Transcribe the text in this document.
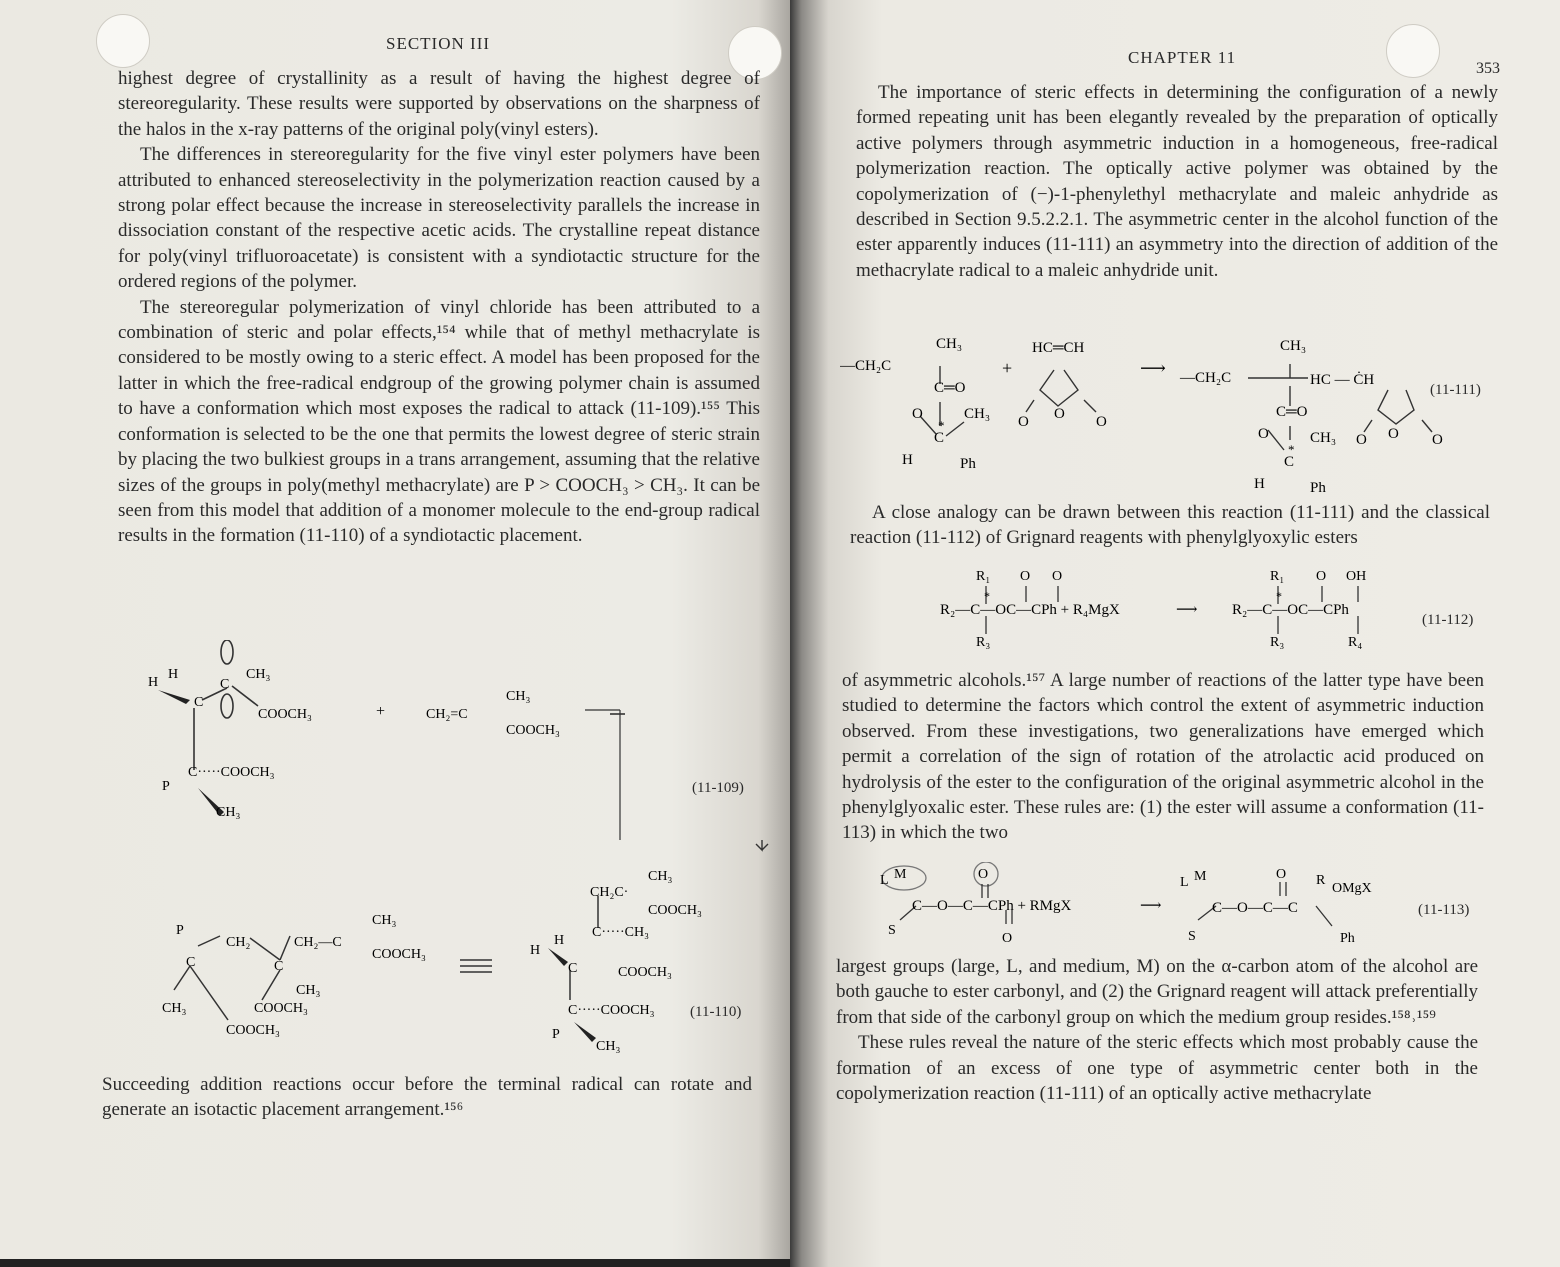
SECTION III

highest degree of crystallinity as a result of having the highest degree of stereoregularity. These results were supported by observations on the sharpness of the halos in the x-ray patterns of the original poly(vinyl esters).

The differences in stereoregularity for the five vinyl ester polymers have been attributed to enhanced stereoselectivity in the polymerization reaction caused by a strong polar effect because the increase in stereoselectivity parallels the increase in dissociation constant of the respective acetic acids. The crystalline repeat distance for poly(vinyl trifluoroacetate) is consistent with a syndiotactic structure for the ordered regions of the polymer.

The stereoregular polymerization of vinyl chloride has been attributed to a combination of steric and polar effects,¹⁵⁴ while that of methyl methacrylate is considered to be mostly owing to a steric effect. A model has been proposed for the latter in which the free-radical endgroup of the growing polymer chain is assumed to have a conformation which most exposes the radical to attack (11-109).¹⁵⁵ This conformation is selected to be the one that permits the lowest degree of steric strain by placing the two bulkiest groups in a trans arrangement, assuming that the relative sizes of the groups in poly(methyl methacrylate) are P > COOCH₃ > CH₃. It can be seen from this model that addition of a monomer molecule to the end-group radical results in the formation (11-110) of a syndiotactic placement.

H
H
C
C
CH₃
COOCH₃
C·····COOCH₃
P
CH₃
+	CH₂=C
CH₃
COOCH₃
(11-109)
P
CH₂	CH₂—C
CH₃
COOCH₃
C	C
CH₃
CH₃	COOCH₃
COOCH₃
CH₃
CH₂C·
COOCH₃
C·····CH₃
H
H
C	COOCH₃
C·····COOCH₃
P
CH₃
(11-110)

Succeeding addition reactions occur before the terminal radical can rotate and generate an isotactic placement arrangement.¹⁵⁶

CHAPTER 11
353

The importance of steric effects in determining the configuration of a newly formed repeating unit has been elegantly revealed by the preparation of optically active polymers through asymmetric induction in a homogeneous, free-radical polymerization reaction. The optically active polymer was obtained by the copolymerization of (−)-1-phenylethyl methacrylate and maleic anhydride as described in Section 9.5.2.2.1. The asymmetric center in the alcohol function of the ester apparently induces (11-111) an asymmetry into the direction of addition of the methacrylate radical to a maleic anhydride unit.

—CH₂C
CH₃
C═O
O	CH₃
*
C
H	Ph
+
HC═CH
O
O	O
⟶ —CH₂C
CH₃
HC — ĊH
C═O
O	CH₃
*
C
H	Ph
O
O	O
(11-111)

A close analogy can be drawn between this reaction (11-111) and the classical reaction (11-112) of Grignard reagents with phenylglyoxylic esters

R₁ O O
*
R₂—C—OC—CPh + R₄MgX	⟶
R₃
R₁ O OH
*
R₂—C—OC—CPh
R₃	R₄
(11-112)

of asymmetric alcohols.¹⁵⁷ A large number of reactions of the latter type have been studied to determine the factors which control the extent of asymmetric induction observed. From these investigations, two generalizations have emerged which permit a correlation of the sign of rotation of the atrolactic acid produced on hydrolysis of the ester to the configuration of the original asymmetric alcohol in the phenylglyoxalic ester. These rules are: (1) the ester will assume a conformation (11-113) in which the two

L M	O
C—O—C—CPh + RMgX	⟶
S
O
L M	O R
OMgX
C—O—C—C
S	Ph
(11-113)

largest groups (large, L, and medium, M) on the α-carbon atom of the alcohol are both gauche to ester carbonyl, and (2) the Grignard reagent will attack preferentially from that side of the carbonyl group on which the medium group resides.¹⁵⁸˒¹⁵⁹

These rules reveal the nature of the steric effects which most probably cause the formation of an excess of one type of asymmetric center both in the copolymerization reaction (11-111) of an optically active methacrylate
